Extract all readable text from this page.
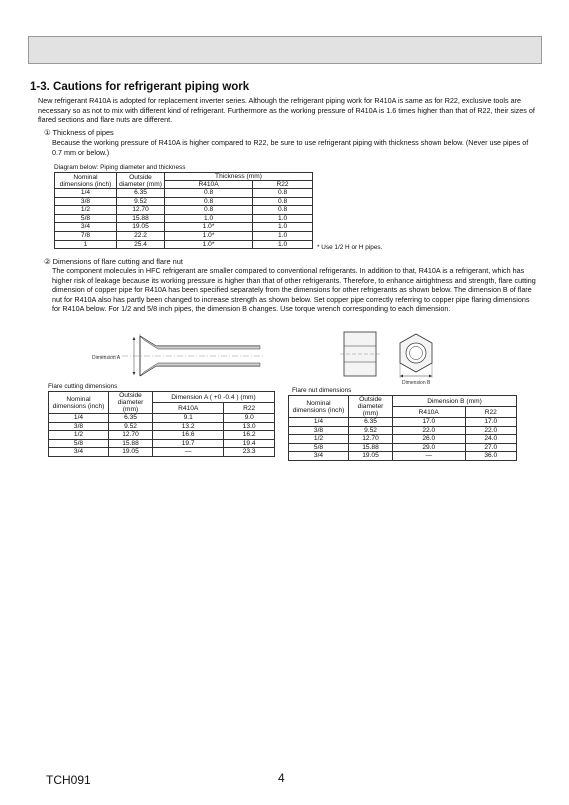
1-3. Cautions for refrigerant piping work
New refrigerant R410A is adopted for replacement inverter series. Although the refrigerant piping work for R410A is same as for R22, exclusive tools are necessary so as not to mix with different kind of refrigerant. Furthermore as the working pressure of R410A is 1.6 times higher than that of R22, their sizes of flared sections and flare nuts are different.
① Thickness of pipes
Because the working pressure of R410A is higher compared to R22, be sure to use refrigerant piping with thickness shown below. (Never use pipes of 0.7 mm or below.)
Diagram below: Piping diameter and thickness
Nominal dimensions (inch)	Outside diameter (mm)	Thickness (mm)	
		R410A	R22
1/4	6.35	0.8	0.8
3/8	9.52	0.8	0.8
1/2	12.70	0.8	0.8
5/8	15.88	1.0	1.0
3/4	19.05	1.0*	1.0
7/8	22.2	1.0*	1.0
1	25.4	1.0*	1.0	* Use 1/2 H or H pipes.
② Dimensions of flare cutting and flare nut
The component molecules in HFC refrigerant are smaller compared to conventional refrigerants. In addition to that, R410A is a refrigerant, which has higher risk of leakage because its working pressure is higher than that of other refrigerants. Therefore, to enhance airtightness and strength, flare cutting dimension of copper pipe for R410A has been specified separately from the dimensions for other refrigerants as shown below. The dimension B of flare nut for R410A also has partly been changed to increase strength as shown below. Set copper pipe correctly referring to copper pipe flaring dimensions for R410A below. For 1/2 and 5/8 inch pipes, the dimension B changes. Use torque wrench corresponding to each dimension.
Dimension A
Dimension B
Flare cutting dimensions
Nominal dimensions (inch)	Outside diameter (mm)	Dimension A ( +0 -0.4 ) (mm)	
		R410A	R22
1/4	6.35	9.1	9.0
3/8	9.52	13.2	13.0
1/2	12.70	16.6	16.2
5/8	15.88	19.7	19.4
3/4	19.05	—	23.3
Flare nut dimensions
Nominal dimensions (inch)	Outside diameter (mm)	Dimension B (mm)	
		R410A	R22
1/4	6.35	17.0	17.0
3/8	9.52	22.0	22.0
1/2	12.70	26.0	24.0
5/8	15.88	29.0	27.0
3/4	19.05	—	36.0
TCH091	4
